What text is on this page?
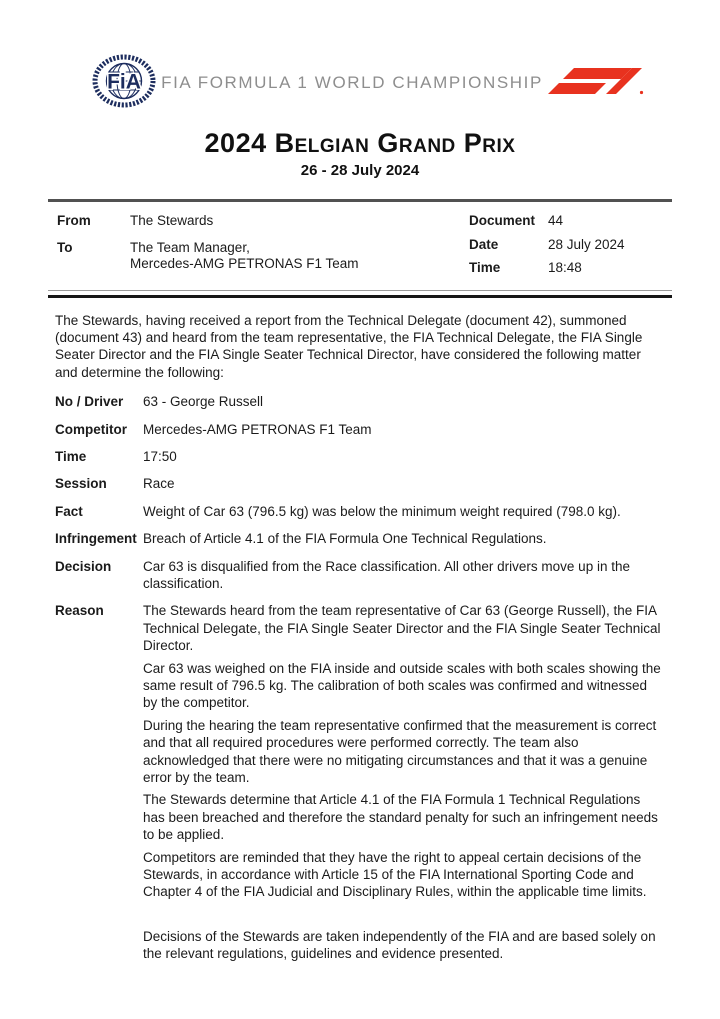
FiA FIA FORMULA 1 WORLD CHAMPIONSHIP
2024 Belgian Grand Prix
26 - 28 July 2024
From	The Stewards
To	The Team Manager,
Mercedes-AMG PETRONAS F1 Team
Document 44
Date	28 July 2024
Time	18:48
The Stewards, having received a report from the Technical Delegate (document 42), summoned (document 43) and heard from the team representative, the FIA Technical Delegate, the FIA Single Seater Director and the FIA Single Seater Technical Director, have considered the following matter and determine the following:
No / Driver	63 - George Russell
Competitor	Mercedes-AMG PETRONAS F1 Team
Time	17:50
Session	Race
Fact	Weight of Car 63 (796.5 kg) was below the minimum weight required (798.0 kg).
Infringement Breach of Article 4.1 of the FIA Formula One Technical Regulations.
Decision	Car 63 is disqualified from the Race classification. All other drivers move up in the classification.
Reason	The Stewards heard from the team representative of Car 63 (George Russell), the FIA Technical Delegate, the FIA Single Seater Director and the FIA Single Seater Technical Director.

Car 63 was weighed on the FIA inside and outside scales with both scales showing the same result of 796.5 kg. The calibration of both scales was confirmed and witnessed by the competitor.

During the hearing the team representative confirmed that the measurement is correct and that all required procedures were performed correctly. The team also acknowledged that there were no mitigating circumstances and that it was a genuine error by the team.

The Stewards determine that Article 4.1 of the FIA Formula 1 Technical Regulations has been breached and therefore the standard penalty for such an infringement needs to be applied.

Competitors are reminded that they have the right to appeal certain decisions of the Stewards, in accordance with Article 15 of the FIA International Sporting Code and Chapter 4 of the FIA Judicial and Disciplinary Rules, within the applicable time limits.

Decisions of the Stewards are taken independently of the FIA and are based solely on the relevant regulations, guidelines and evidence presented.
